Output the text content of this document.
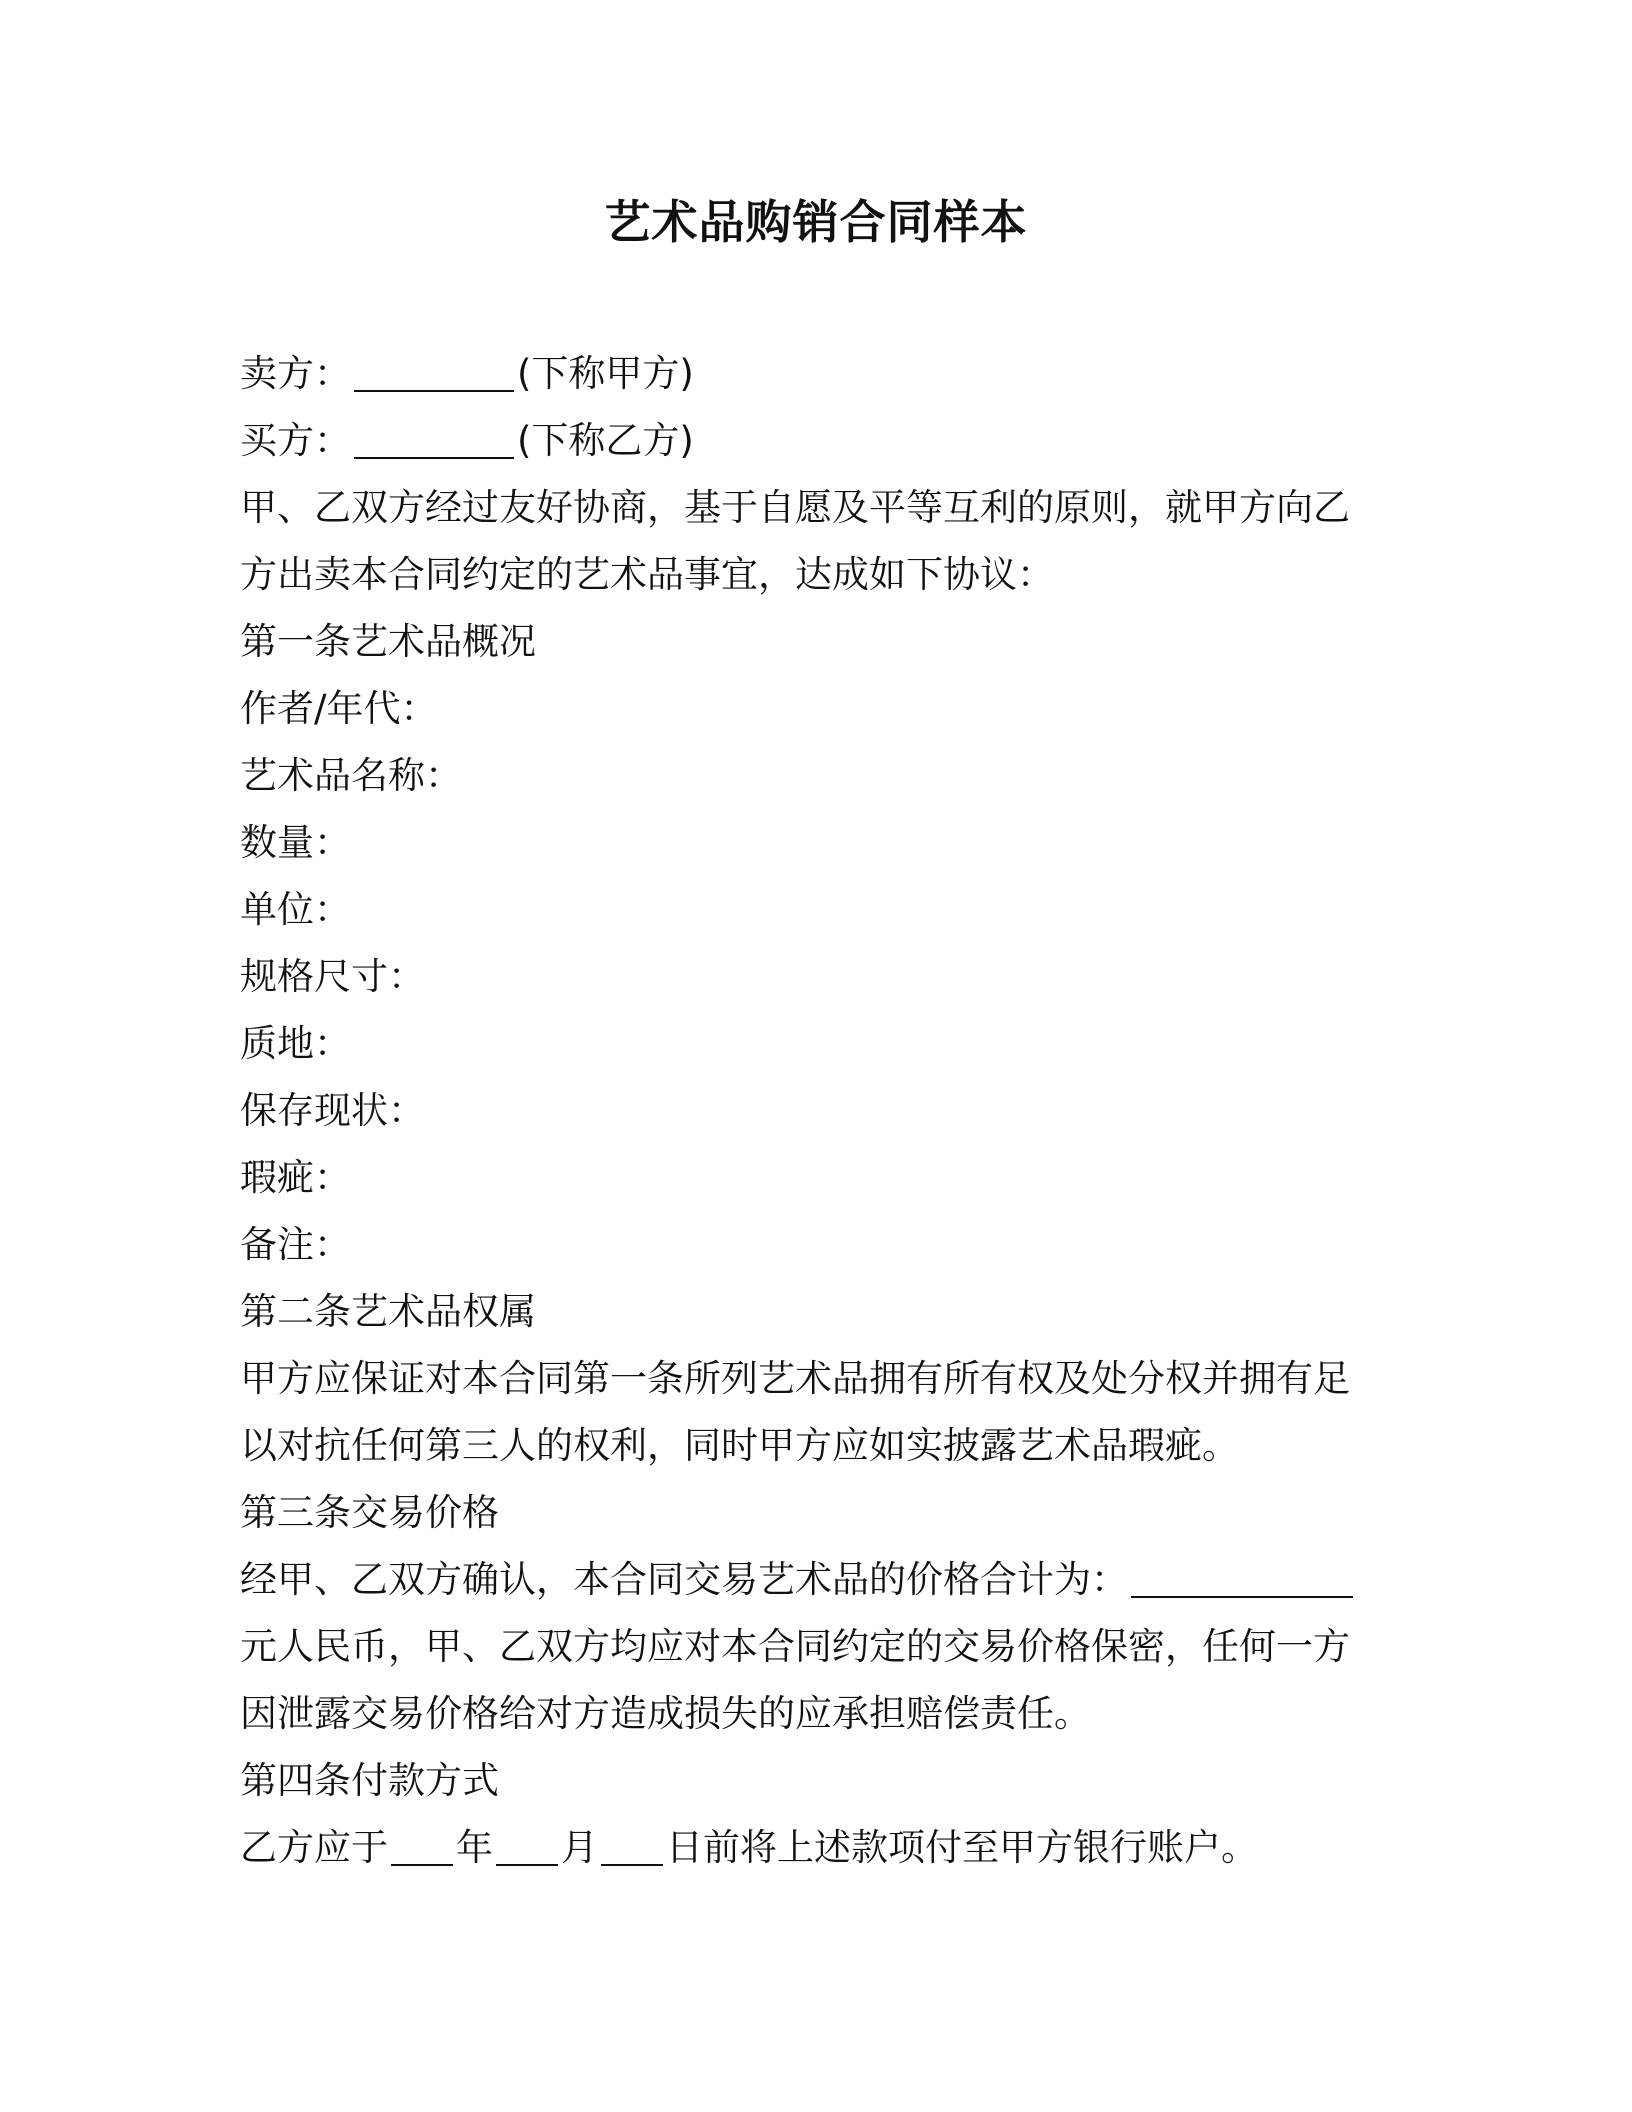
艺术品购销合同样本
卖方：	(下称甲方)
买方：	(下称乙方)
甲、乙双方经过友好协商，基于自愿及平等互利的原则，就甲方向乙
方出卖本合同约定的艺术品事宜，达成如下协议：
第一条艺术品概况
作者/年代：
艺术品名称：
数量：
单位：
规格尺寸：
质地：
保存现状：
瑕疵：
备注：
第二条艺术品权属
甲方应保证对本合同第一条所列艺术品拥有所有权及处分权并拥有足
以对抗任何第三人的权利，同时甲方应如实披露艺术品瑕疵。
第三条交易价格
经甲、乙双方确认，本合同交易艺术品的价格合计为：
元人民币，甲、乙双方均应对本合同约定的交易价格保密，任何一方
因泄露交易价格给对方造成损失的应承担赔偿责任。
第四条付款方式
乙方应于 年 月 日前将上述款项付至甲方银行账户。
